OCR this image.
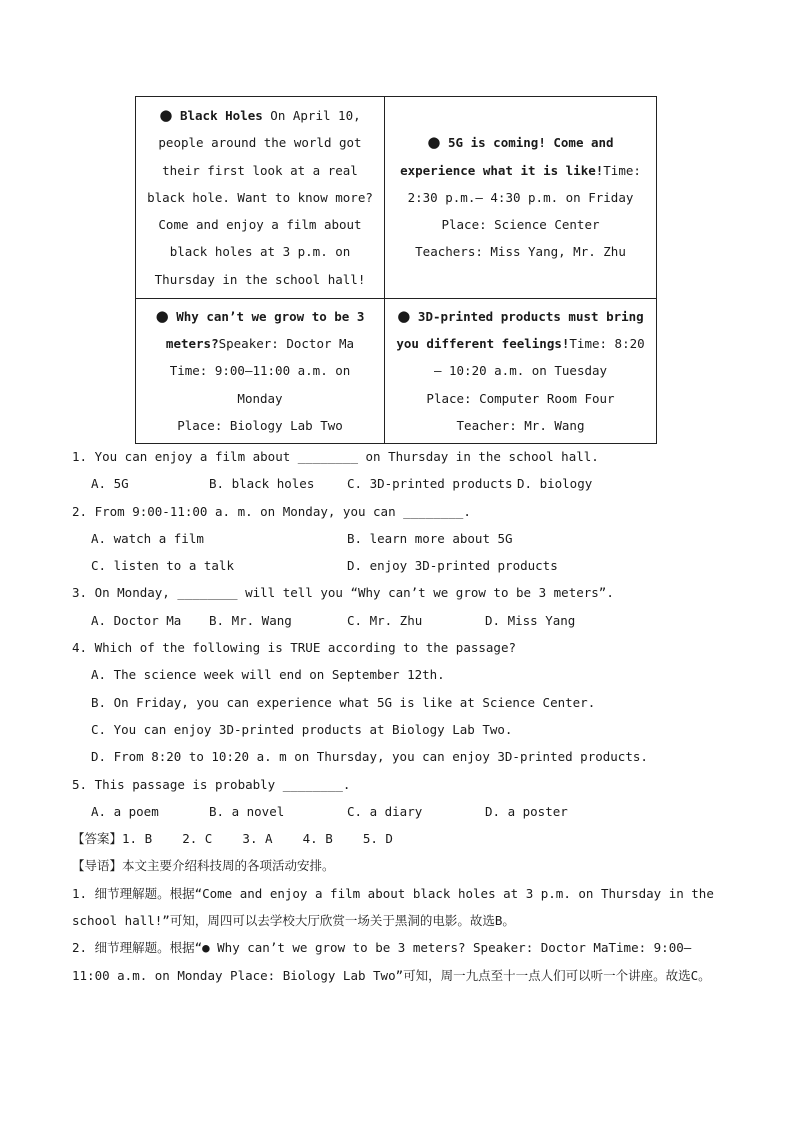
● Black Holes On April 10, people around the world got their first look at a real black hole. Want to know more? Come and enjoy a film about black holes at 3 p.m. on Thursday in the school hall!
● 5G is coming! Come and experience what it is like!Time: 2:30 p.m.— 4:30 p.m. on Friday
Place: Science Center
Teachers: Miss Yang, Mr. Zhu
● Why can’t we grow to be 3 meters?Speaker: Doctor Ma
Time: 9:00—11:00 a.m. on Monday
Place: Biology Lab Two
● 3D-printed products must bring you different feelings!Time: 8:20— 10:20 a.m. on Tuesday
Place: Computer Room Four
Teacher: Mr. Wang
1. You can enjoy a film about ________ on Thursday in the school hall.
A. 5G	B. black holes	C. 3D-printed products D. biology
2. From 9:00-11:00 a. m. on Monday, you can ________.
A. watch a film	B. learn more about 5G
C. listen to a talk	D. enjoy 3D-printed products
3. On Monday, ________ will tell you “Why can’t we grow to be 3 meters”.
A. Doctor Ma B. Mr. Wang	C. Mr. Zhu	D. Miss Yang
4. Which of the following is TRUE according to the passage?
A. The science week will end on September 12th.
B. On Friday, you can experience what 5G is like at Science Center.
C. You can enjoy 3D-printed products at Biology Lab Two.
D. From 8:20 to 10:20 a. m on Thursday, you can enjoy 3D-printed products.
5. This passage is probably ________.
A. a poem	B. a novel	C. a diary	D. a poster
【答案】1. B    2. C    3. A    4. B    5. D
【导语】本文主要介绍科技周的各项活动安排。
1. 细节理解题。根据“Come and enjoy a film about black holes at 3 p.m. on Thursday in the school hall!”可知，周四可以去学校大厅欣赏一场关于黑洞的电影。故选B。
2. 细节理解题。根据“● Why can’t we grow to be 3 meters? Speaker: Doctor MaTime: 9:00—11:00 a.m. on Monday Place: Biology Lab Two”可知，周一九点至十一点人们可以听一个讲座。故选C。
